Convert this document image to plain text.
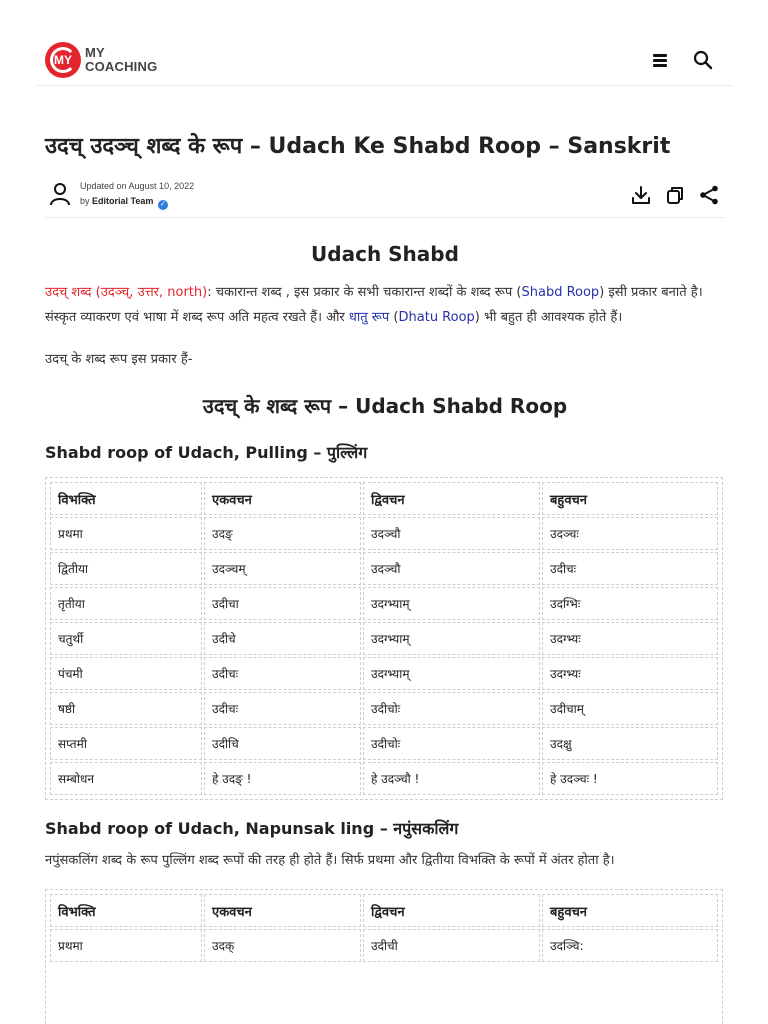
MY MY
COACHING
उदच् उदञ्च् शब्द के रूप – Udach Ke Shabd Roop – Sanskrit
Updated on August 10, 2022
by Editorial Team ✓
Udach Shabd

उदच् शब्द (उदञ्च्, उत्तर, north): चकारान्त शब्द , इस प्रकार के सभी चकारान्त शब्दों के शब्द रूप (Shabd Roop) इसी प्रकार बनाते है। संस्कृत व्याकरण एवं भाषा में शब्द रूप अति महत्व रखते हैं। और धातु रूप (Dhatu Roop) भी बहुत ही आवश्यक होते हैं।

उदच् के शब्द रूप इस प्रकार हैं-

उदच् के शब्द रूप – Udach Shabd Roop
Shabd roop of Udach, Pulling – पुल्लिंग
विभक्ति	एकवचन	द्विवचन	बहुवचन
प्रथमा	उदङ्	उदञ्चौ	उदञ्चः
द्वितीया	उदञ्चम्	उदञ्चौ	उदीचः
तृतीया	उदीचा	उदग्भ्याम्	उदग्भिः
चतुर्थी	उदीचे	उदग्भ्याम्	उदग्भ्यः
पंचमी	उदीचः	उदग्भ्याम्	उदग्भ्यः
षष्ठी	उदीचः	उदीचोः	उदीचाम्
सप्तमी	उदीचि	उदीचोः	उदक्षु
सम्बोधन	हे उदङ् !	हे उदञ्चौ !	हे उदञ्चः !
Shabd roop of Udach, Napunsak ling – नपुंसकलिंग

नपुंसकलिंग शब्द के रूप पुल्लिंग शब्द रूपों की तरह ही होते हैं। सिर्फ प्रथमा और द्वितीया विभक्ति के रूपों में अंतर होता है।

विभक्ति	एकवचन	द्विवचन	बहुवचन
प्रथमा	उदक्	उदीची	उदञ्चि:
